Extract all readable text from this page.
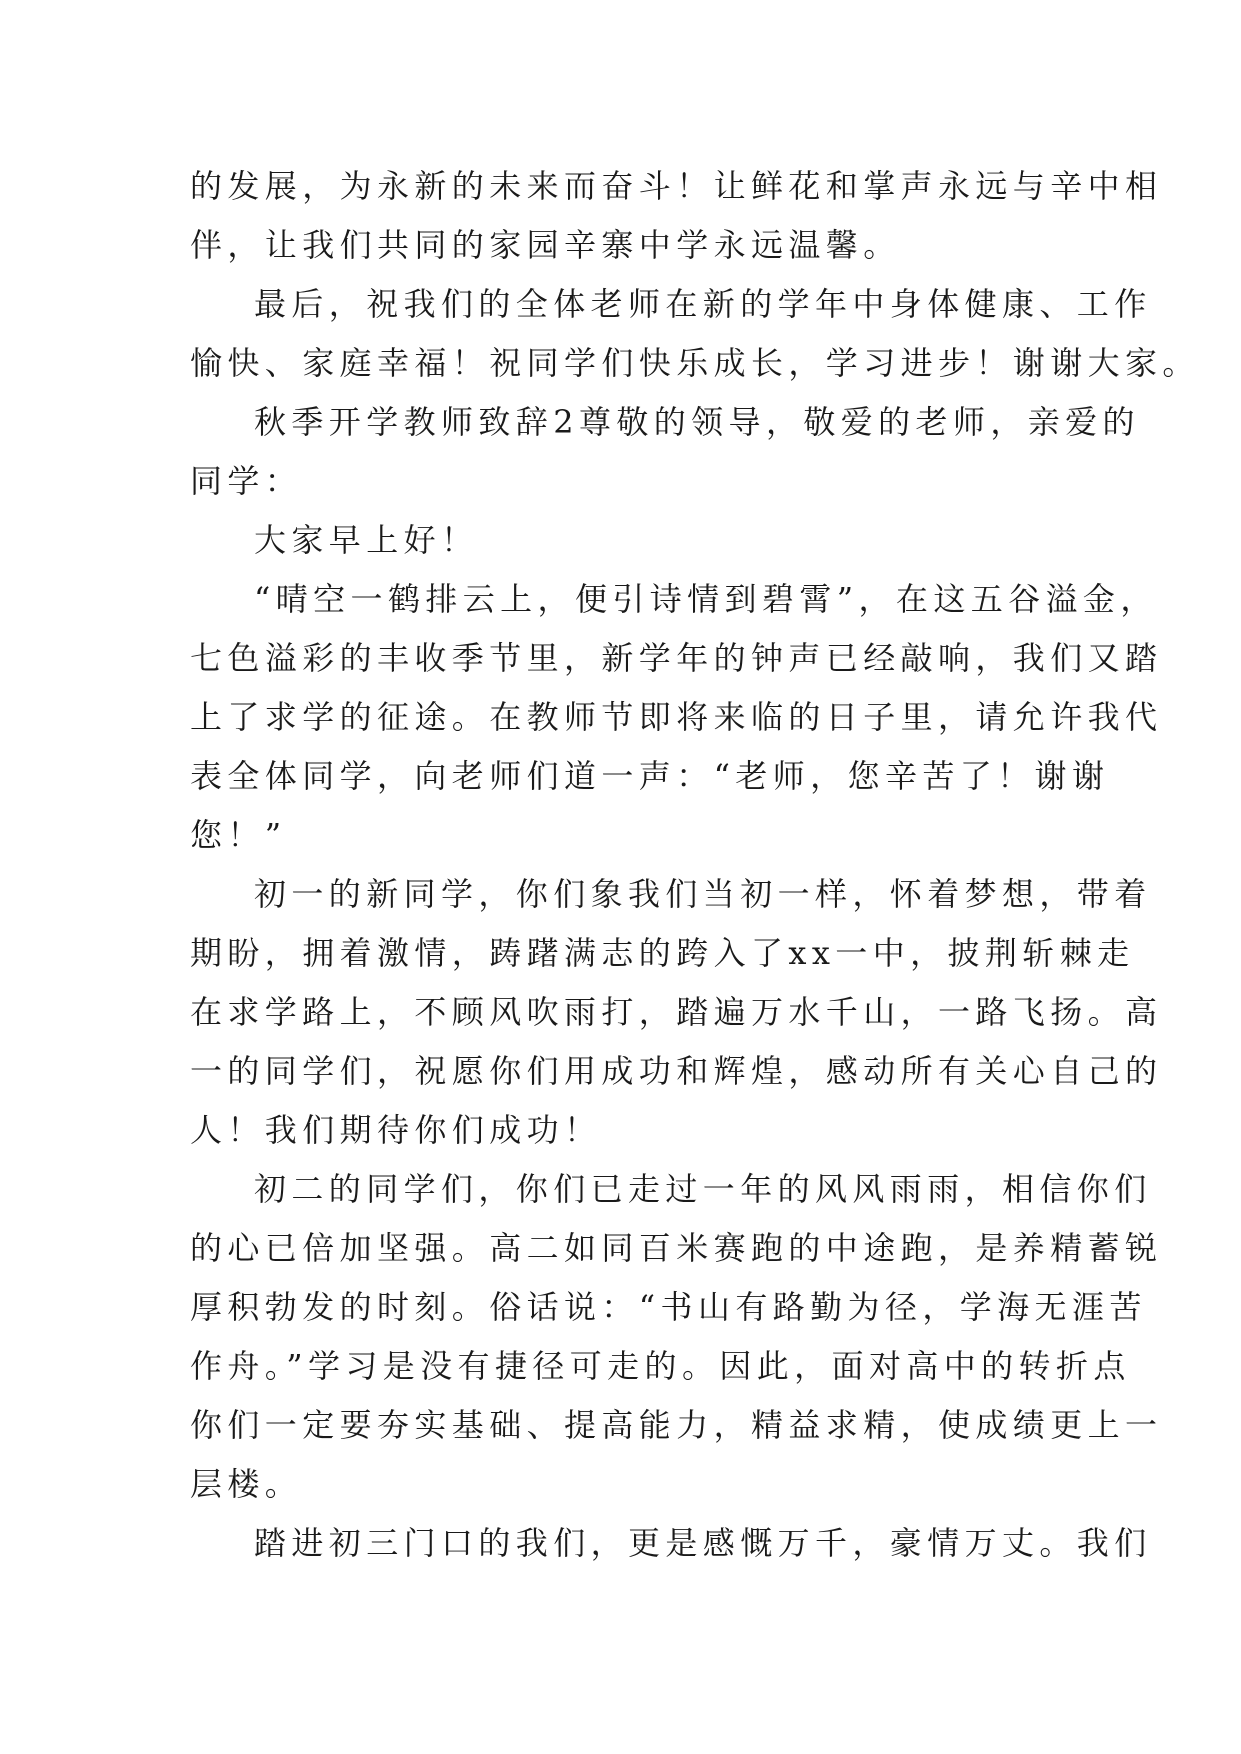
的发展，为永新的未来而奋斗！让鲜花和掌声永远与辛中相
伴，让我们共同的家园辛寨中学永远温馨。
最后，祝我们的全体老师在新的学年中身体健康、工作
愉快、家庭幸福！祝同学们快乐成长，学习进步！谢谢大家。
秋季开学教师致辞2尊敬的领导，敬爱的老师，亲爱的
同学：
大家早上好！
“晴空一鹤排云上，便引诗情到碧霄”，在这五谷溢金，
七色溢彩的丰收季节里，新学年的钟声已经敲响，我们又踏
上了求学的征途。在教师节即将来临的日子里，请允许我代
表全体同学，向老师们道一声：“老师，您辛苦了！谢谢
您！”
初一的新同学，你们象我们当初一样，怀着梦想，带着
期盼，拥着激情，踌躇满志的跨入了xx一中，披荆斩棘走
在求学路上，不顾风吹雨打，踏遍万水千山，一路飞扬。高
一的同学们，祝愿你们用成功和辉煌，感动所有关心自己的
人！我们期待你们成功！
初二的同学们，你们已走过一年的风风雨雨，相信你们
的心已倍加坚强。高二如同百米赛跑的中途跑，是养精蓄锐
厚积勃发的时刻。俗话说：“书山有路勤为径，学海无涯苦
作舟。”学习是没有捷径可走的。因此，面对高中的转折点
你们一定要夯实基础、提高能力，精益求精，使成绩更上一
层楼。
踏进初三门口的我们，更是感慨万千，豪情万丈。我们
